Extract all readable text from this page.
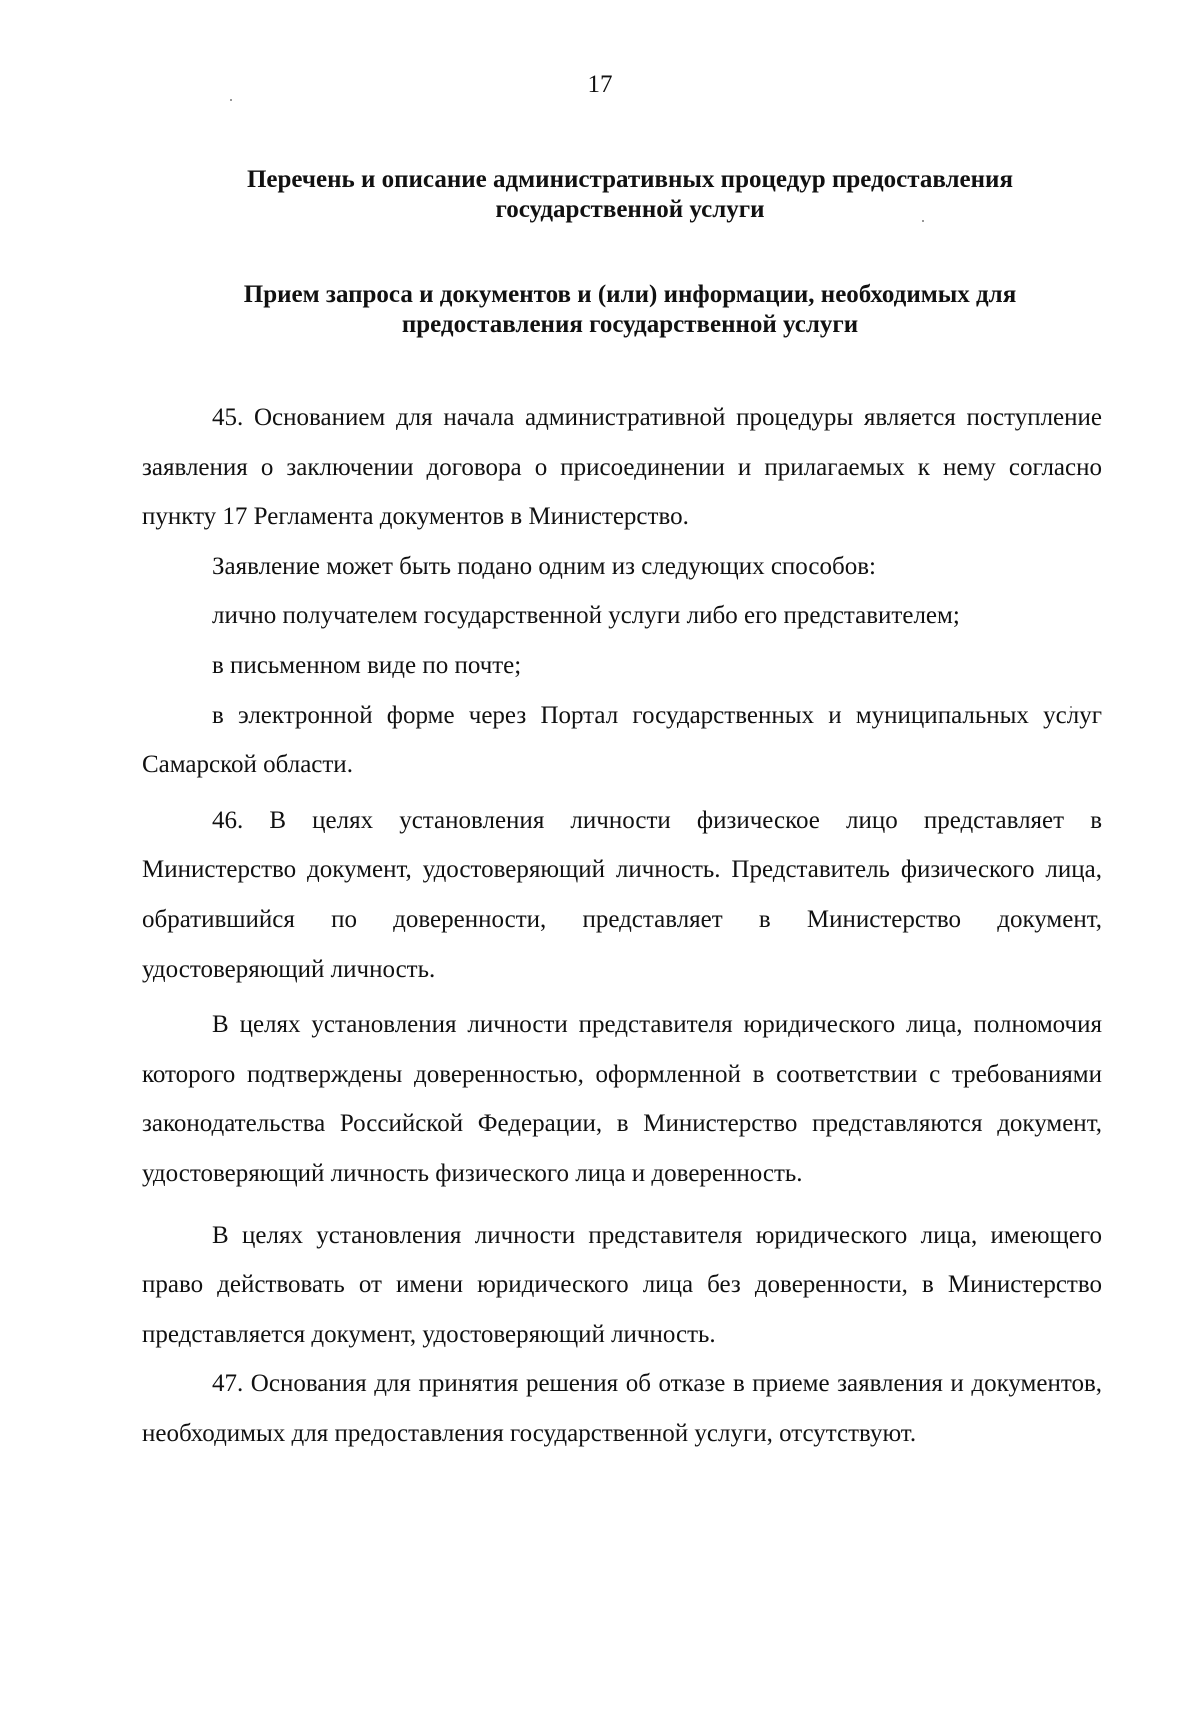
17
Перечень и описание административных процедур предоставления
государственной услуги
Прием запроса и документов и (или) информации, необходимых для
предоставления государственной услуги

45. Основанием для начала административной процедуры является поступление заявления о заключении договора о присоединении и прилагаемых к нему согласно пункту 17 Регламента документов в Министерство.

Заявление может быть подано одним из следующих способов:

лично получателем государственной услуги либо его представителем;

в письменном виде по почте;

в электронной форме через Портал государственных и муниципальных услуг Самарской области.

46. В целях установления личности физическое лицо представляет в Министерство документ, удостоверяющий личность. Представитель физического лица, обратившийся по доверенности, представляет в Министерство документ, удостоверяющий личность.

В целях установления личности представителя юридического лица, полномочия которого подтверждены доверенностью, оформленной в соответствии с требованиями законодательства Российской Федерации, в Министерство представляются документ, удостоверяющий личность физического лица и доверенность.

В целях установления личности представителя юридического лица, имеющего право действовать от имени юридического лица без доверенности, в Министерство представляется документ, удостоверяющий личность.

47. Основания для принятия решения об отказе в приеме заявления и документов, необходимых для предоставления государственной услуги, отсутствуют.
